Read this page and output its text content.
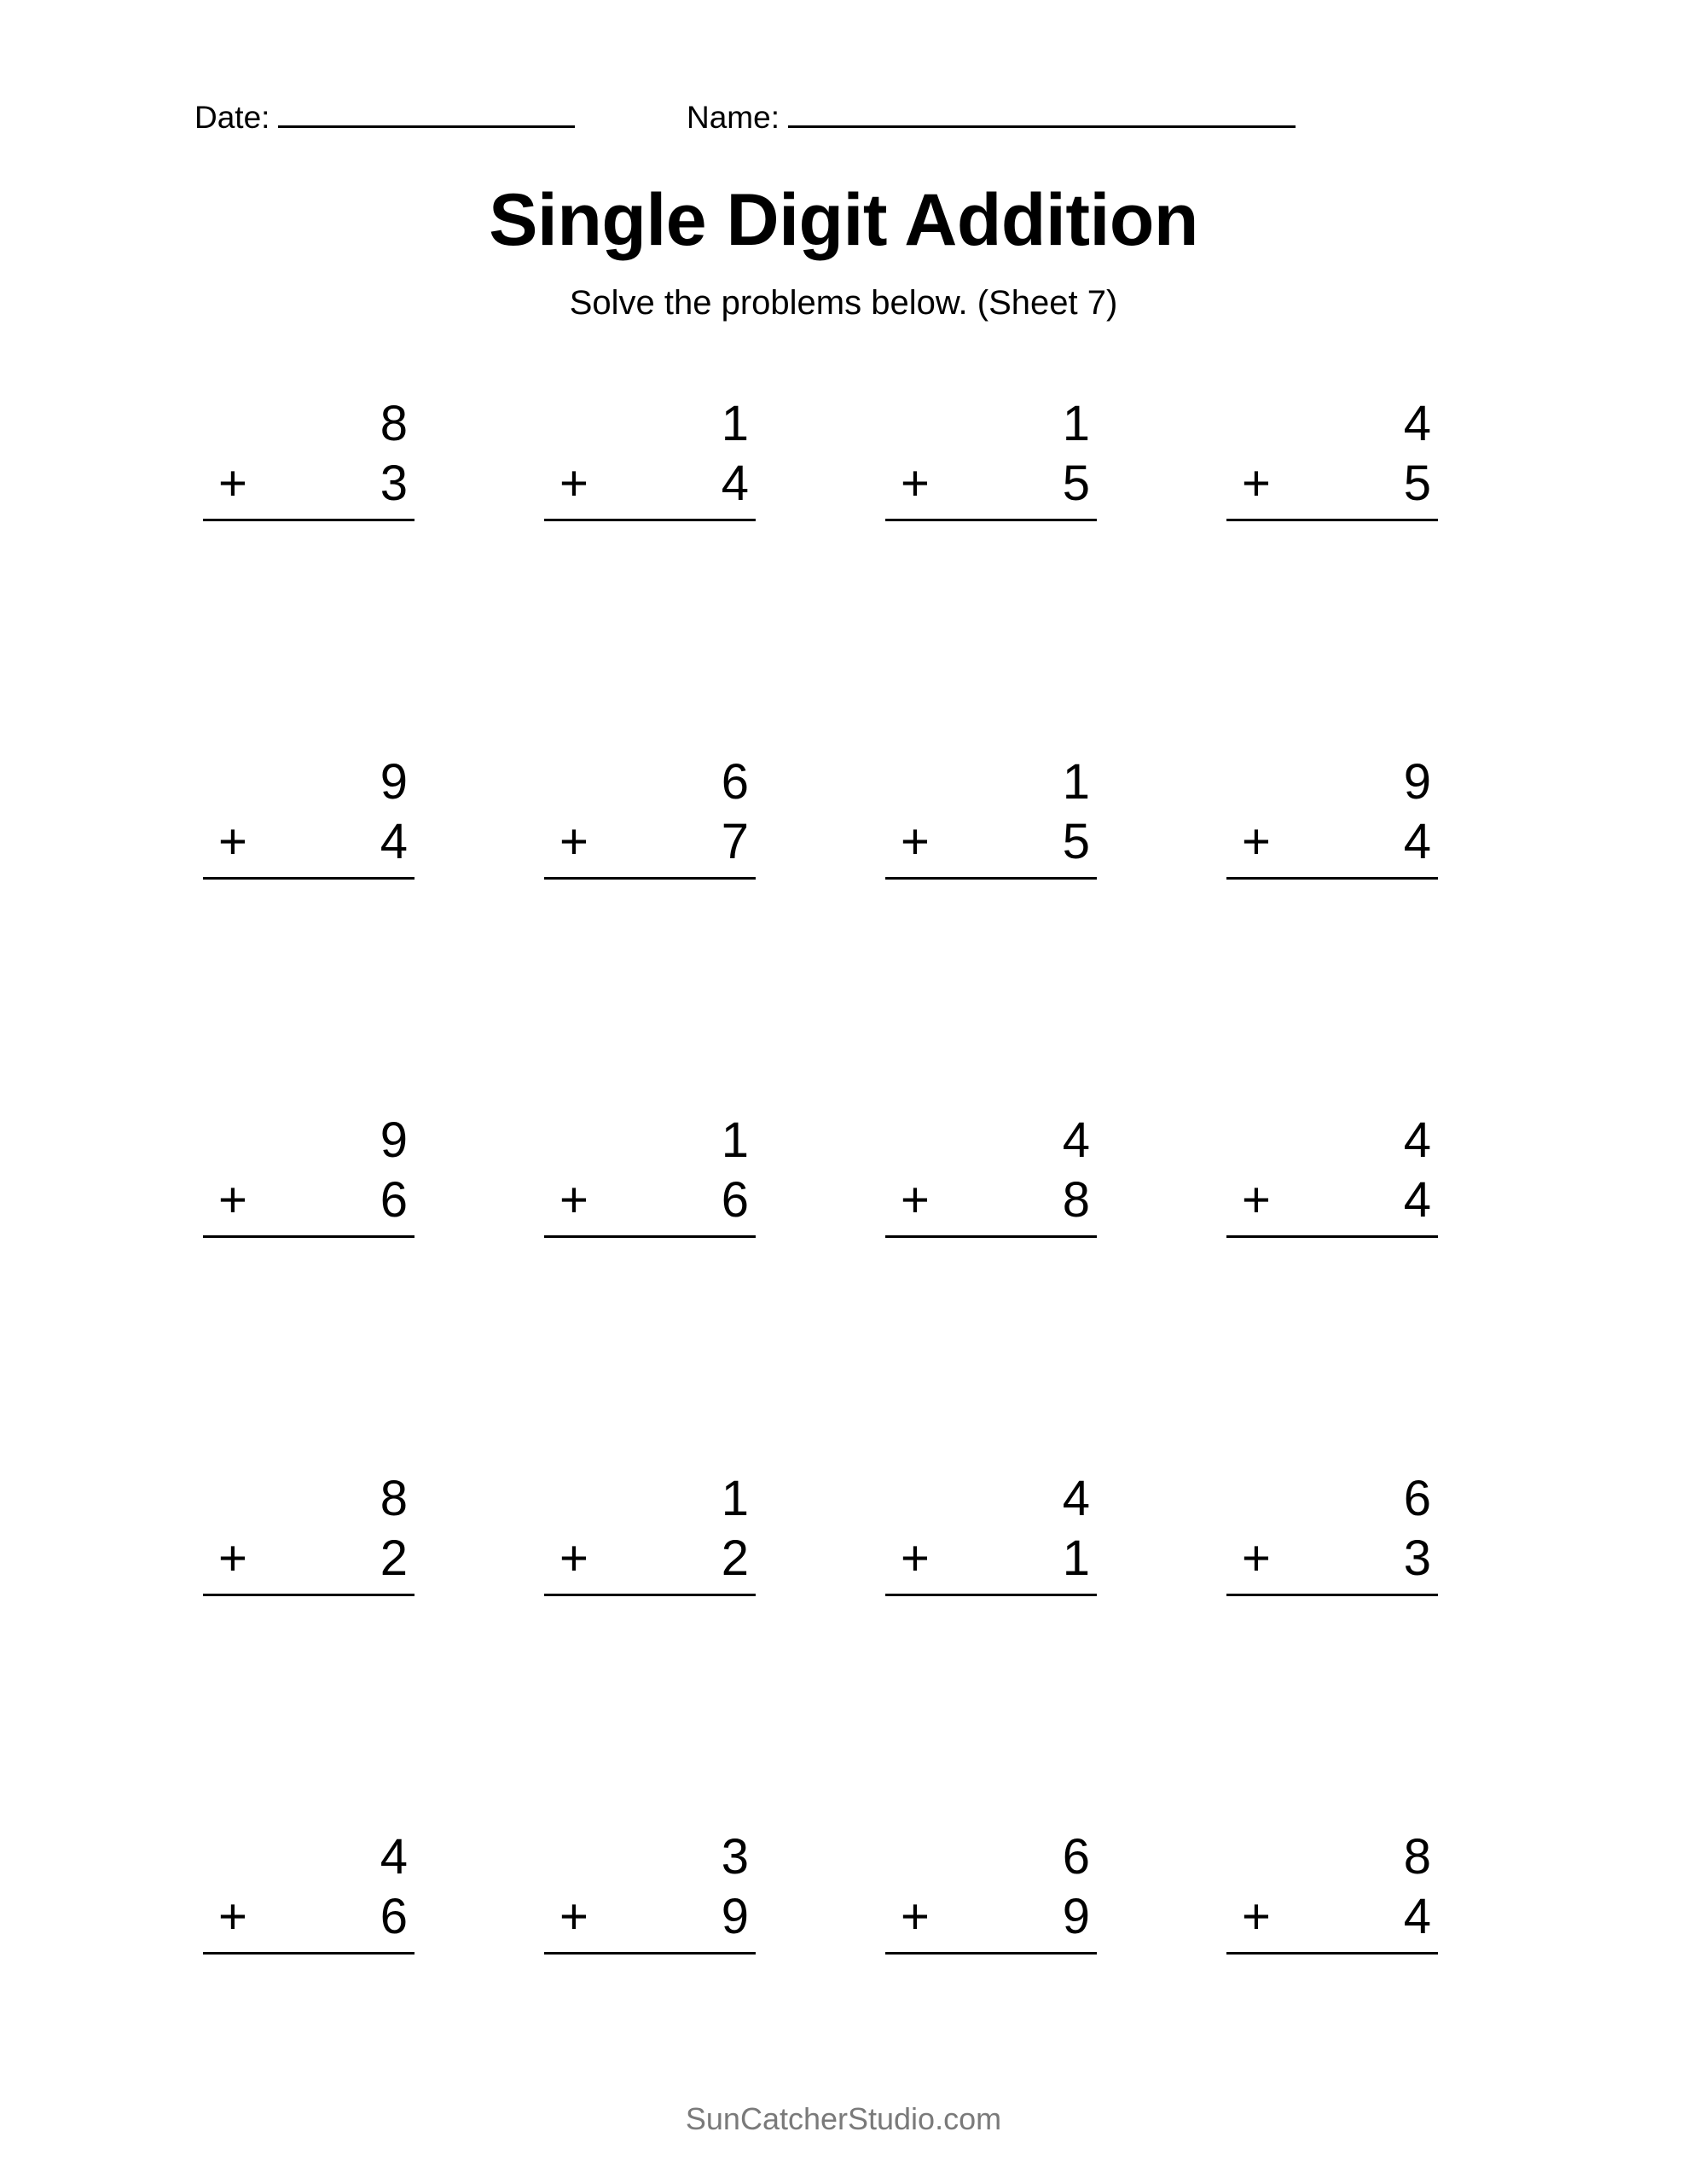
Date:	Name:
Single Digit Addition
Solve the problems below. (Sheet 7)
8
+	3
1
+	4
1
+	5
4
+	5
9
+	4
6
+	7
1
+	5
9
+	4
9
+	6
1
+	6
4
+	8
4
+	4
8
+	2
1
+	2
4
+	1
6
+	3
4
+	6
3
+	9
6
+	9
8
+	4
SunCatcherStudio.com
